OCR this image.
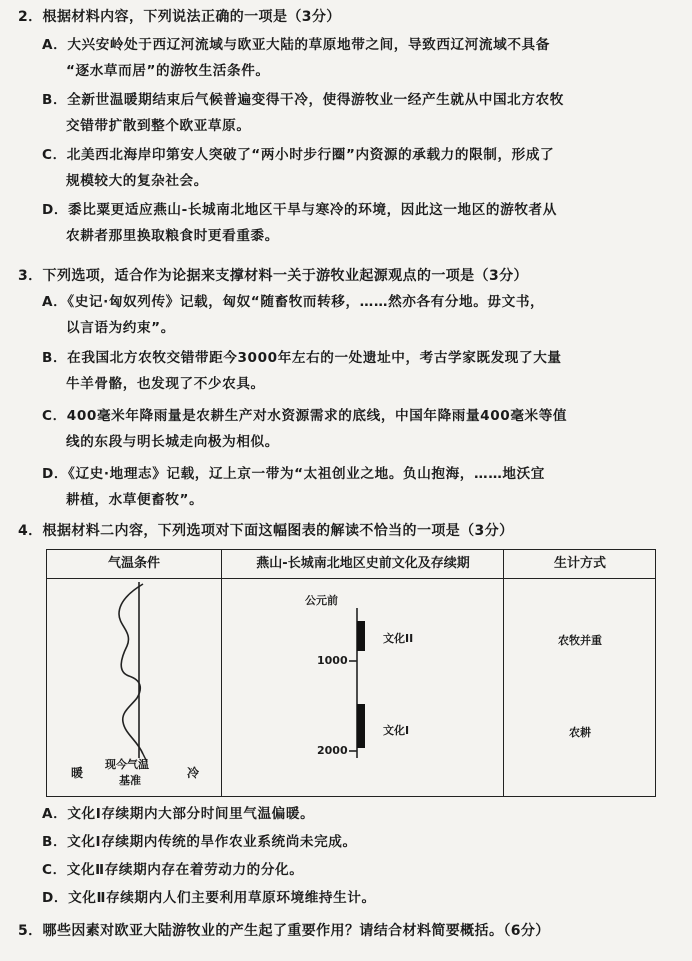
2．根据材料内容，下列说法正确的一项是（3分）
A．大兴安岭处于西辽河流域与欧亚大陆的草原地带之间，导致西辽河流域不具备
“逐水草而居”的游牧生活条件。
B．全新世温暖期结束后气候普遍变得干冷，使得游牧业一经产生就从中国北方农牧
交错带扩散到整个欧亚草原。
C．北美西北海岸印第安人突破了“两小时步行圈”内资源的承载力的限制，形成了
规模较大的复杂社会。
D．黍比粟更适应燕山-长城南北地区干旱与寒冷的环境，因此这一地区的游牧者从
农耕者那里换取粮食时更看重黍。
3．下列选项，适合作为论据来支撑材料一关于游牧业起源观点的一项是（3分）
A．《史记·匈奴列传》记载，匈奴“随畜牧而转移，……然亦各有分地。毋文书，
以言语为约束”。
B．在我国北方农牧交错带距今3000年左右的一处遗址中，考古学家既发现了大量
牛羊骨骼，也发现了不少农具。
C．400毫米年降雨量是农耕生产对水资源需求的底线，中国年降雨量400毫米等值
线的东段与明长城走向极为相似。
D．《辽史·地理志》记载，辽上京一带为“太祖创业之地。负山抱海，……地沃宜
耕植，水草便畜牧”。
4．根据材料二内容，下列选项对下面这幅图表的解读不恰当的一项是（3分）
气温条件	燕山-长城南北地区史前文化及存续期	生计方式
暖	冷
现今气温
基准
公元前
1000
2000
文化II
文化I
农牧并重
农耕
A．文化Ⅰ存续期内大部分时间里气温偏暖。
B．文化Ⅰ存续期内传统的旱作农业系统尚未完成。
C．文化Ⅱ存续期内存在着劳动力的分化。
D．文化Ⅱ存续期内人们主要利用草原环境维持生计。
5．哪些因素对欧亚大陆游牧业的产生起了重要作用？请结合材料简要概括。（6分）
